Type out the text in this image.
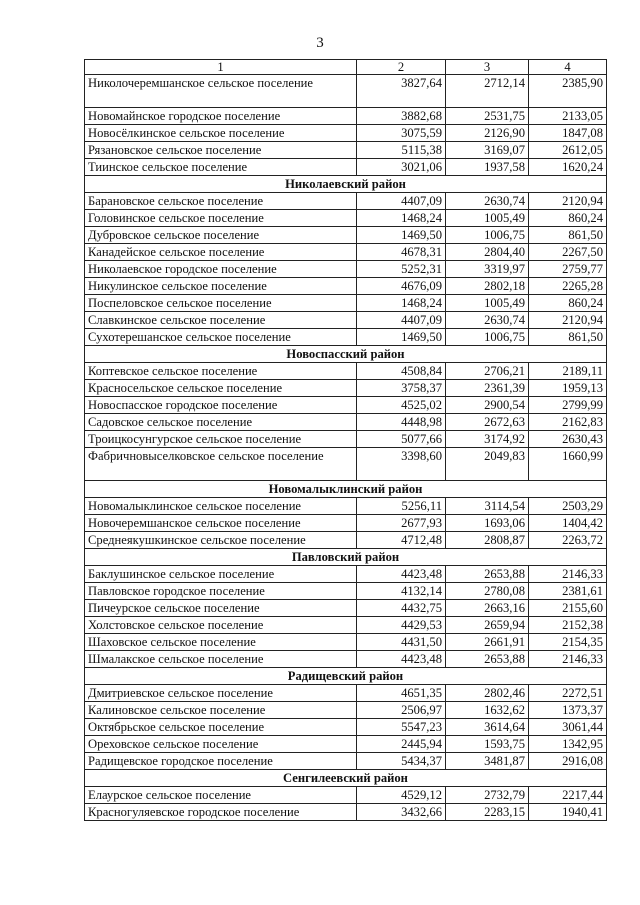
3
1	2	3	4
Николочеремшанское сельское поселение	3827,64	2712,14	2385,90
Новомайнское городское поселение	3882,68	2531,75	2133,05
Новосёлкинское сельское поселение	3075,59	2126,90	1847,08
Рязановское сельское поселение	5115,38	3169,07	2612,05
Тиинское сельское поселение	3021,06	1937,58	1620,24
Николаевский район			
Барановское сельское поселение	4407,09	2630,74	2120,94
Головинское сельское поселение	1468,24	1005,49	860,24
Дубровское сельское поселение	1469,50	1006,75	861,50
Канадейское сельское поселение	4678,31	2804,40	2267,50
Николаевское городское поселение	5252,31	3319,97	2759,77
Никулинское сельское поселение	4676,09	2802,18	2265,28
Поспеловское сельское поселение	1468,24	1005,49	860,24
Славкинское сельское поселение	4407,09	2630,74	2120,94
Сухотерешанское сельское поселение	1469,50	1006,75	861,50
Новоспасский район			
Коптевское сельское поселение	4508,84	2706,21	2189,11
Красносельское сельское поселение	3758,37	2361,39	1959,13
Новоспасское городское поселение	4525,02	2900,54	2799,99
Садовское сельское поселение	4448,98	2672,63	2162,83
Троицкосунгурское сельское поселение	5077,66	3174,92	2630,43
Фабричновыселковское сельское поселение	3398,60	2049,83	1660,99
Новомалыклинский район			
Новомалыклинское сельское поселение	5256,11	3114,54	2503,29
Новочеремшанское сельское поселение	2677,93	1693,06	1404,42
Среднеякушкинское сельское поселение	4712,48	2808,87	2263,72
Павловский район			
Баклушинское сельское поселение	4423,48	2653,88	2146,33
Павловское городское поселение	4132,14	2780,08	2381,61
Пичеурское сельское поселение	4432,75	2663,16	2155,60
Холстовское сельское поселение	4429,53	2659,94	2152,38
Шаховское сельское поселение	4431,50	2661,91	2154,35
Шмалакское сельское поселение	4423,48	2653,88	2146,33
Радищевский район			
Дмитриевское сельское поселение	4651,35	2802,46	2272,51
Калиновское сельское поселение	2506,97	1632,62	1373,37
Октябрьское сельское поселение	5547,23	3614,64	3061,44
Ореховское сельское поселение	2445,94	1593,75	1342,95
Радищевское городское поселение	5434,37	3481,87	2916,08
Сенгилеевский район			
Елаурское сельское поселение	4529,12	2732,79	2217,44
Красногуляевское городское поселение	3432,66	2283,15	1940,41
